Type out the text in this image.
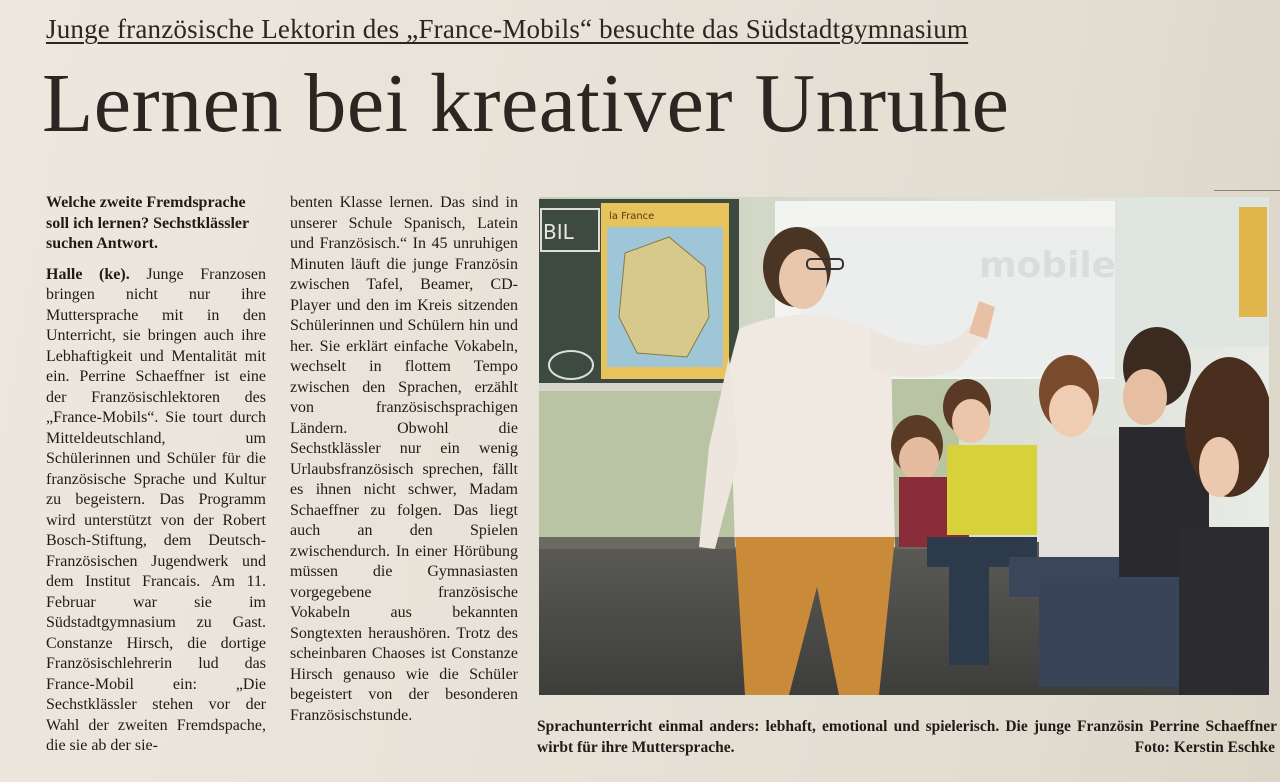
Junge französische Lektorin des „France-Mobils“ besuchte das Südstadtgymnasium
Lernen bei kreativer Unruhe

Welche zweite Fremdsprache soll ich lernen? Sechstklässler suchen Antwort.

Halle (ke). Junge Franzosen bringen nicht nur ihre Muttersprache mit in den Unterricht, sie bringen auch ihre Lebhaftigkeit und Mentalität mit ein. Perrine Schaeffner ist eine der Französischlektoren des „France-Mobils“. Sie tourt durch Mitteldeutschland, um Schülerinnen und Schüler für die französische Sprache und Kultur zu begeistern. Das Programm wird unterstützt von der Robert Bosch-Stiftung, dem Deutsch-Französischen Jugendwerk und dem Institut Francais. Am 11. Februar war sie im Südstadtgymnasium zu Gast. Constanze Hirsch, die dortige Französischlehrerin lud das France-Mobil ein: „Die Sechstklässler stehen vor der Wahl der zweiten Fremdspache, die sie ab der sie-

benten Klasse lernen. Das sind in unserer Schule Spanisch, Latein und Französisch.“ In 45 unruhigen Minuten läuft die junge Französin zwischen Tafel, Beamer, CD-Player und den im Kreis sitzenden Schülerinnen und Schülern hin und her. Sie erklärt einfache Vokabeln, wechselt in flottem Tempo zwischen den Sprachen, erzählt von französischsprachigen Ländern. Obwohl die Sechstklässler nur ein wenig Urlaubsfranzösisch sprechen, fällt es ihnen nicht schwer, Madam Schaeffner zu folgen. Das liegt auch an den Spielen zwischendurch. In einer Hörübung müssen die Gymnasiasten vorgegebene französische Vokabeln aus bekannten Songtexten heraushören. Trotz des scheinbaren Chaoses ist Constanze Hirsch genauso wie die Schüler begeistert von der besonderen Französischstunde.

BIL
la France
mobile
Sprachunterricht einmal anders: lebhaft, emotional und spielerisch. Die junge Französin Perrine Schaeffner wirbt für ihre Muttersprache.	Foto: Kerstin Eschke
